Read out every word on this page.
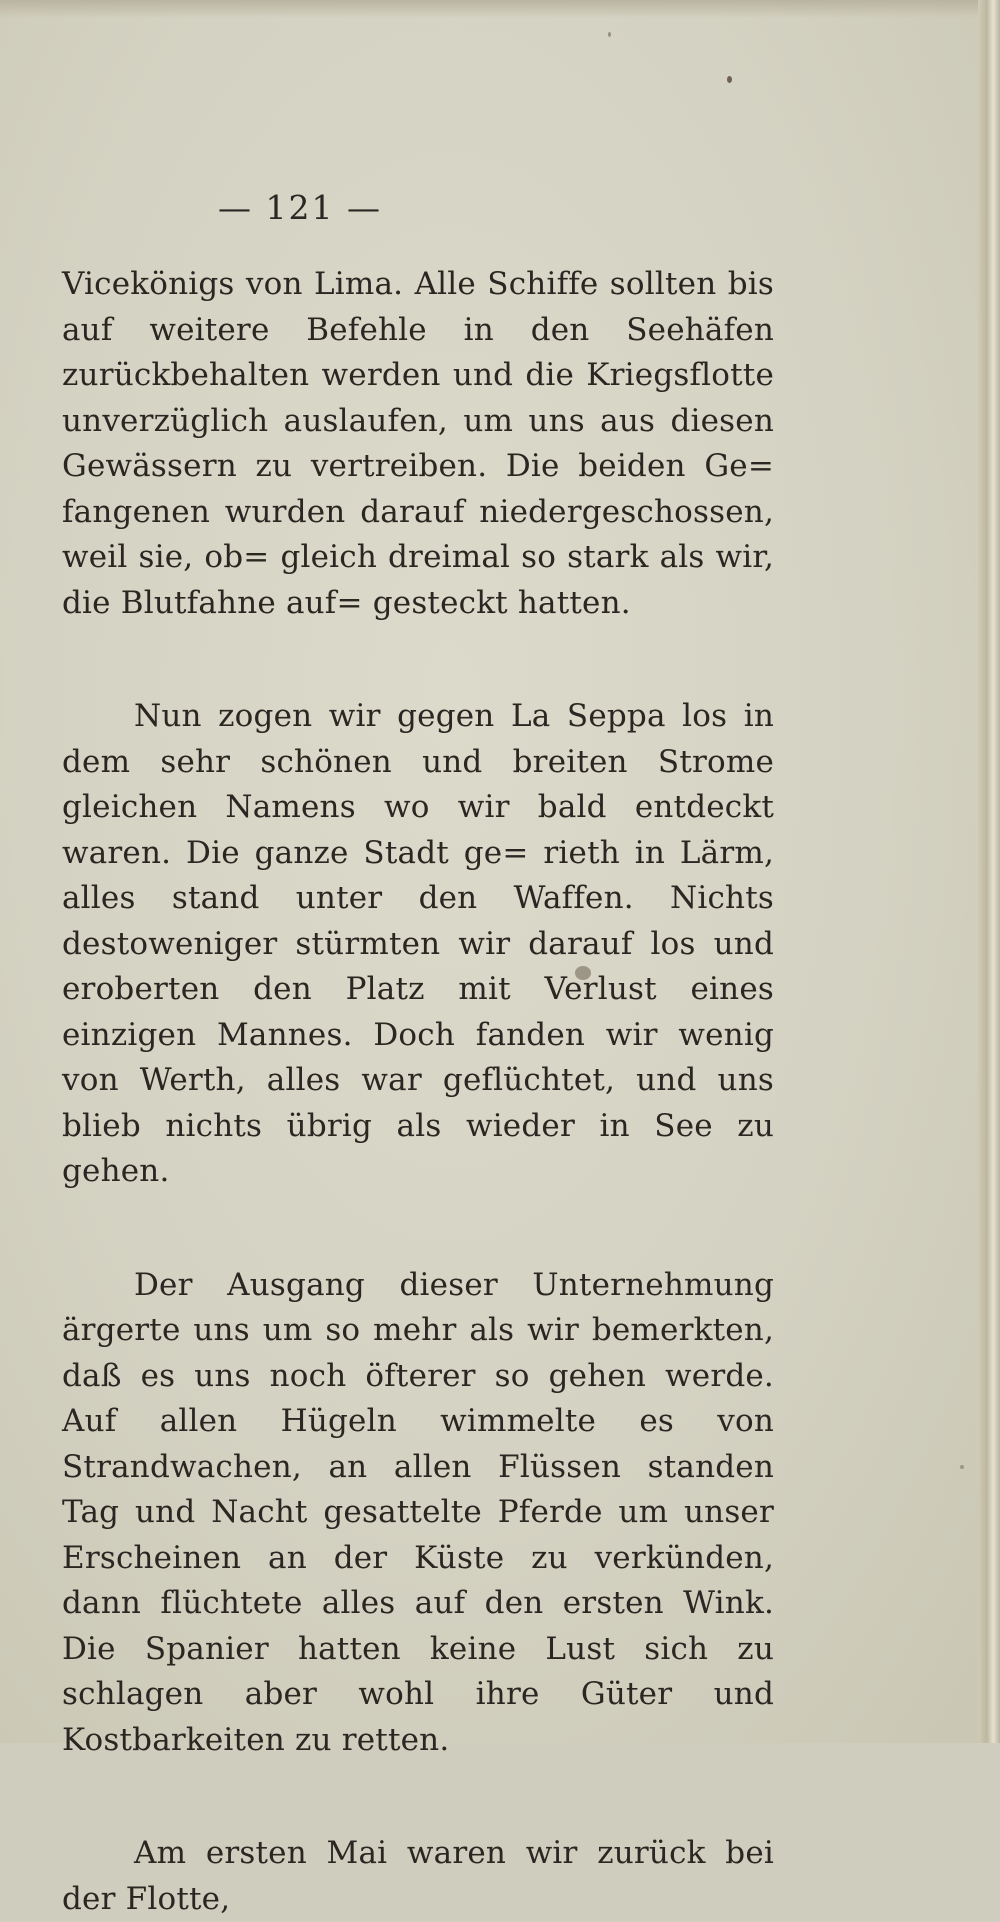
— 121 —

Vicekönigs von Lima. Alle Schiffe sollten bis auf weitere Befehle in den Seehäfen zurückbehalten werden und die Kriegsflotte unverzüglich auslaufen, um uns aus diesen Gewässern zu vertreiben. Die beiden Ge= fangenen wurden darauf niedergeschossen, weil sie, ob= gleich dreimal so stark als wir, die Blutfahne auf= gesteckt hatten.

Nun zogen wir gegen La Seppa los in dem sehr schönen und breiten Strome gleichen Namens wo wir bald entdeckt waren. Die ganze Stadt ge= rieth in Lärm, alles stand unter den Waffen. Nichts destoweniger stürmten wir darauf los und eroberten den Platz mit Verlust eines einzigen Mannes. Doch fanden wir wenig von Werth, alles war geflüchtet, und uns blieb nichts übrig als wieder in See zu gehen.

Der Ausgang dieser Unternehmung ärgerte uns um so mehr als wir bemerkten, daß es uns noch öfterer so gehen werde. Auf allen Hügeln wimmelte es von Strandwachen, an allen Flüssen standen Tag und Nacht gesattelte Pferde um unser Erscheinen an der Küste zu verkünden, dann flüchtete alles auf den ersten Wink. Die Spanier hatten keine Lust sich zu schlagen aber wohl ihre Güter und Kostbarkeiten zu retten.

Am ersten Mai waren wir zurück bei der Flotte,
